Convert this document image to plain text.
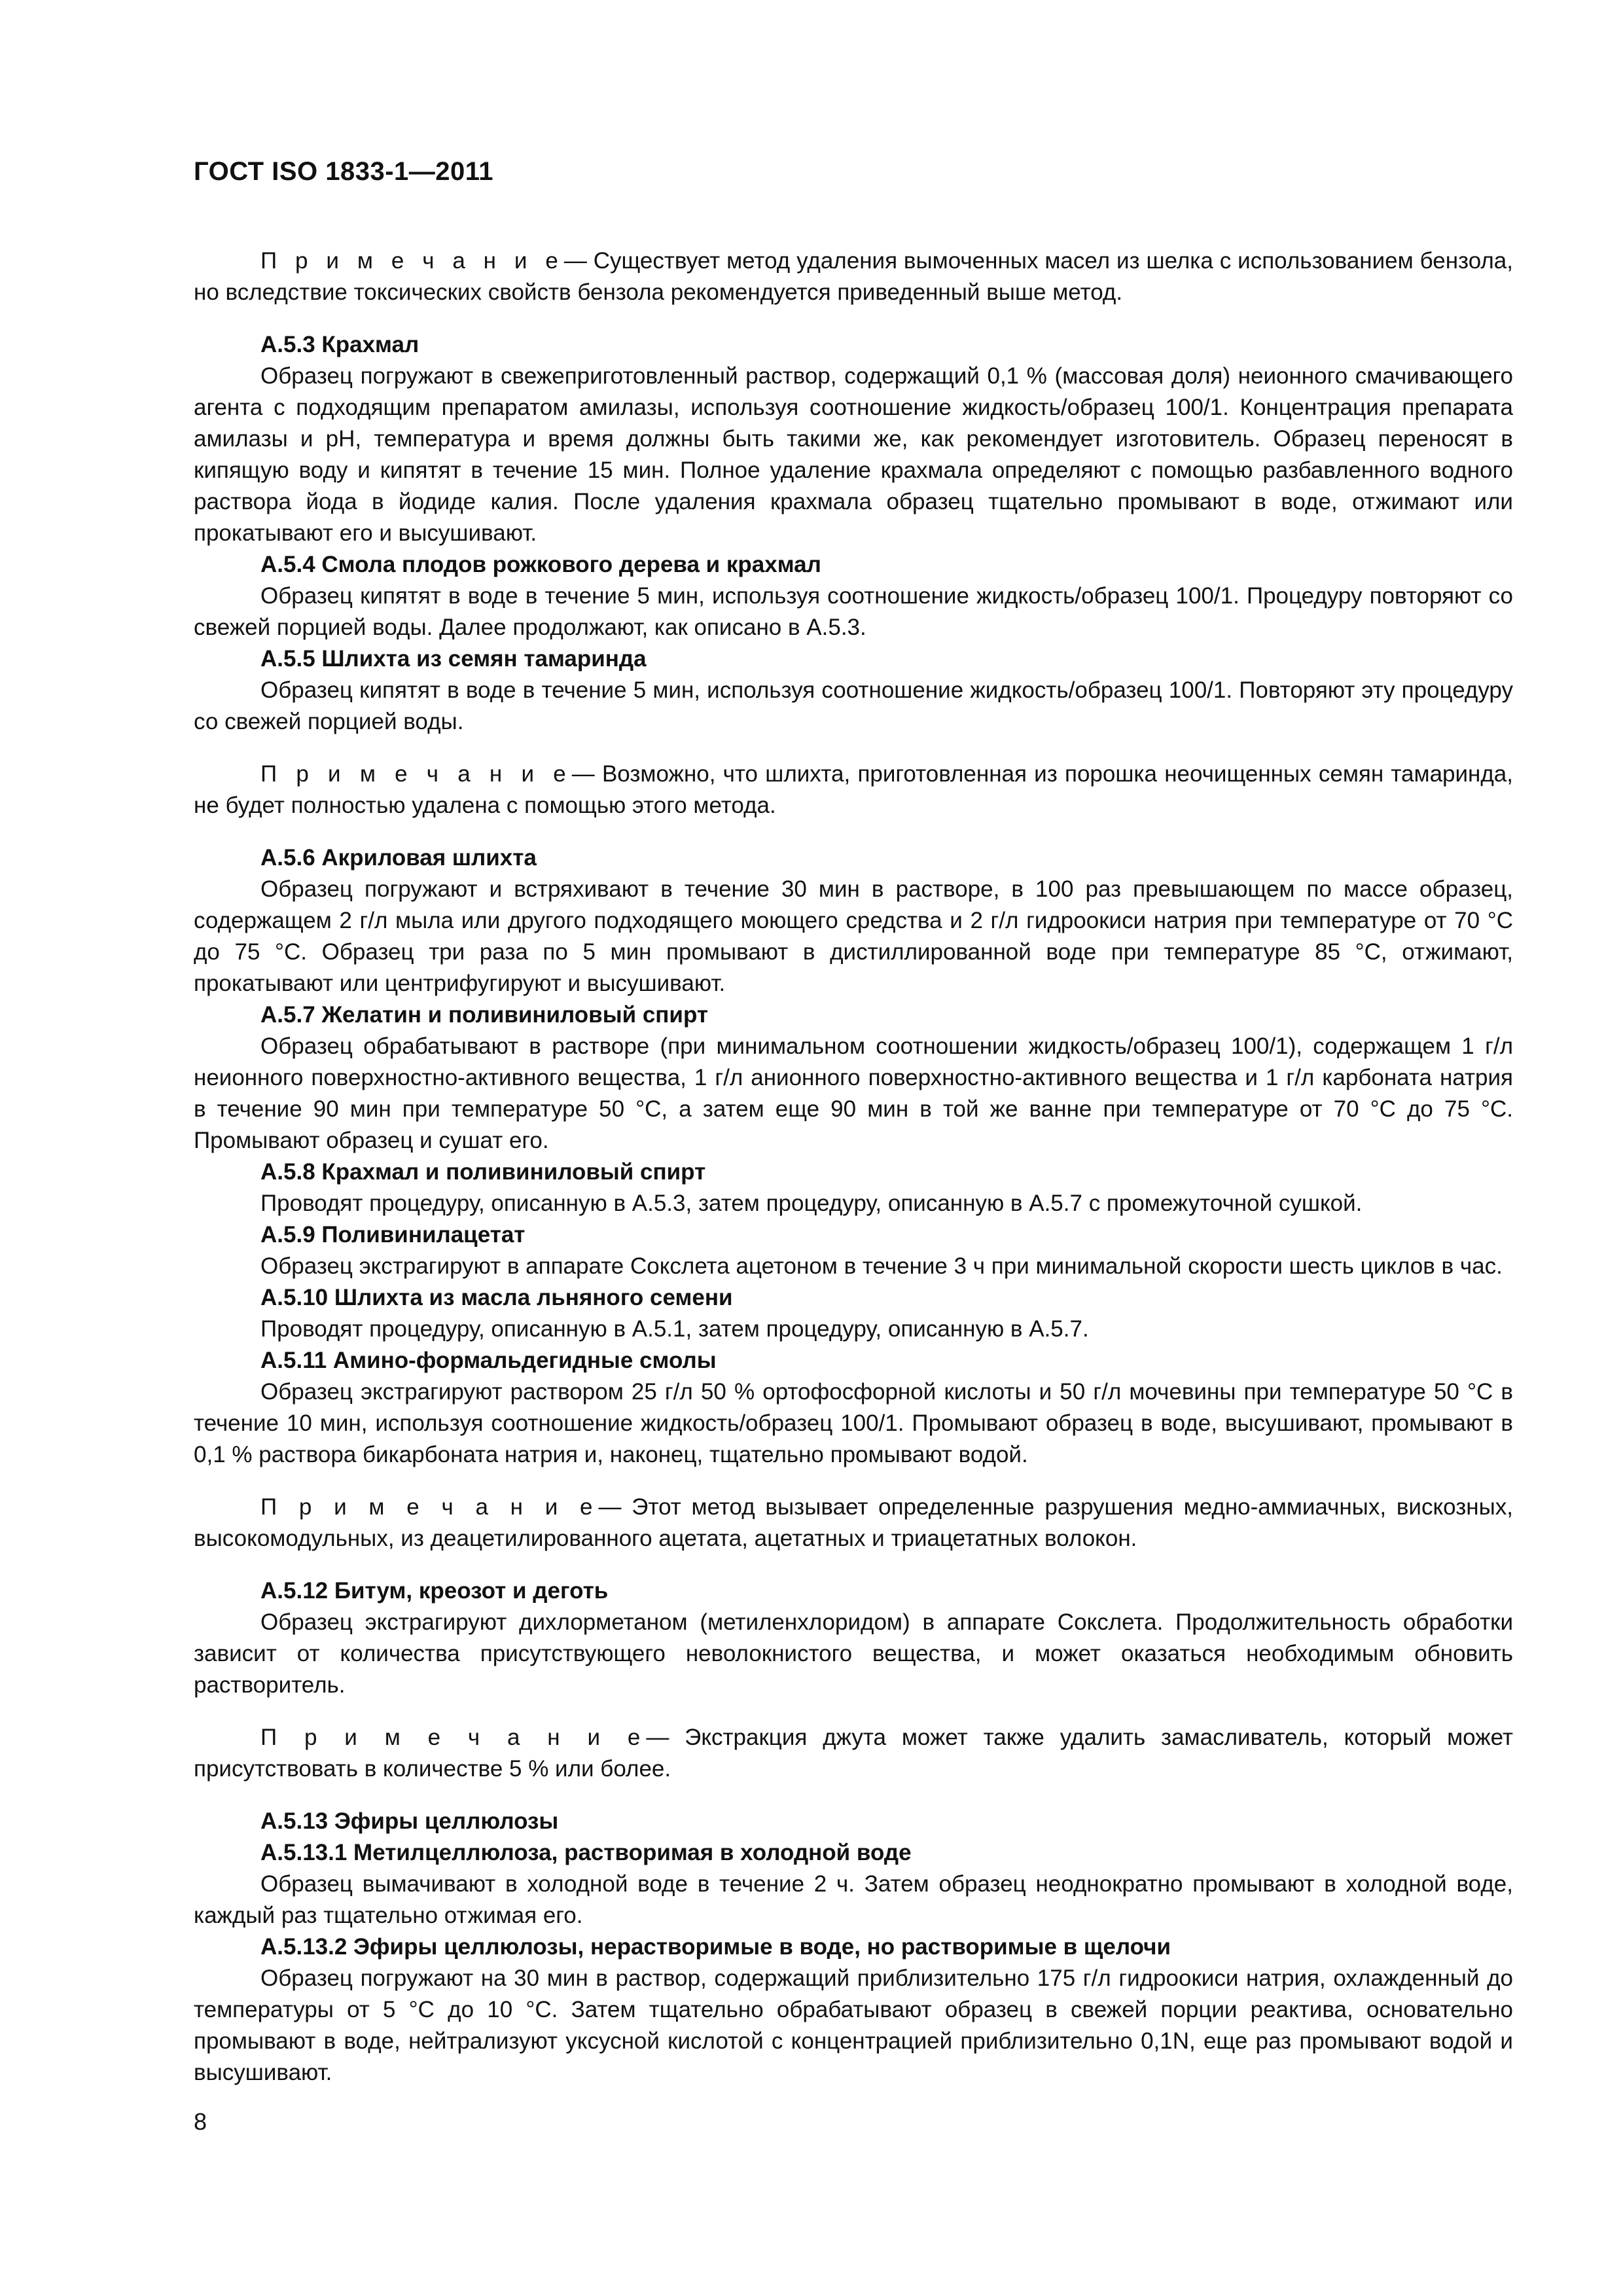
ГОСТ ISO 1833-1—2011

П р и м е ч а н и е— Существует метод удаления вымоченных масел из шелка с использованием бензола, но вследствие токсических свойств бензола рекомендуется приведенный выше метод.

А.5.3 Крахмал

Образец погружают в свежеприготовленный раствор, содержащий 0,1 % (массовая доля) неионного смачивающего агента с подходящим препаратом амилазы, используя соотношение жидкость/образец 100/1. Концентрация препарата амилазы и pH, температура и время должны быть такими же, как рекомендует изготовитель. Образец переносят в кипящую воду и кипятят в течение 15 мин. Полное удаление крахмала определяют с помощью разбавленного водного раствора йода в йодиде калия. После удаления крахмала образец тщательно промывают в воде, отжимают или прокатывают его и высушивают.

А.5.4 Смола плодов рожкового дерева и крахмал

Образец кипятят в воде в течение 5 мин, используя соотношение жидкость/образец 100/1. Процедуру повторяют со свежей порцией воды. Далее продолжают, как описано в А.5.3.

А.5.5 Шлихта из семян тамаринда

Образец кипятят в воде в течение 5 мин, используя соотношение жидкость/образец 100/1. Повторяют эту процедуру со свежей порцией воды.

П р и м е ч а н и е— Возможно, что шлихта, приготовленная из порошка неочищенных семян тамаринда, не будет полностью удалена с помощью этого метода.

А.5.6 Акриловая шлихта

Образец погружают и встряхивают в течение 30 мин в растворе, в 100 раз превышающем по массе образец, содержащем 2 г/л мыла или другого подходящего моющего средства и 2 г/л гидроокиси натрия при температуре от 70 °С до 75 °С. Образец три раза по 5 мин промывают в дистиллированной воде при температуре 85 °С, отжимают, прокатывают или центрифугируют и высушивают.

А.5.7 Желатин и поливиниловый спирт

Образец обрабатывают в растворе (при минимальном соотношении жидкость/образец 100/1), содержащем 1 г/л неионного поверхностно-активного вещества, 1 г/л анионного поверхностно-активного вещества и 1 г/л карбоната натрия в течение 90 мин при температуре 50 °С, а затем еще 90 мин в той же ванне при температуре от 70 °С до 75 °С. Промывают образец и сушат его.

А.5.8 Крахмал и поливиниловый спирт

Проводят процедуру, описанную в А.5.3, затем процедуру, описанную в А.5.7 с промежуточной сушкой.

А.5.9 Поливинилацетат

Образец экстрагируют в аппарате Сокслета ацетоном в течение 3 ч при минимальной скорости шесть циклов в час.

А.5.10 Шлихта из масла льняного семени

Проводят процедуру, описанную в А.5.1, затем процедуру, описанную в А.5.7.

А.5.11 Амино-формальдегидные смолы

Образец экстрагируют раствором 25 г/л 50 % ортофосфорной кислоты и 50 г/л мочевины при температуре 50 °С в течение 10 мин, используя соотношение жидкость/образец 100/1. Промывают образец в воде, высушивают, промывают в 0,1 % раствора бикарбоната натрия и, наконец, тщательно промывают водой.

П р и м е ч а н и е— Этот метод вызывает определенные разрушения медно-аммиачных, вискозных, высокомодульных, из деацетилированного ацетата, ацетатных и триацетатных волокон.

А.5.12 Битум, креозот и деготь

Образец экстрагируют дихлорметаном (метиленхлоридом) в аппарате Сокслета. Продолжительность обработки зависит от количества присутствующего неволокнистого вещества, и может оказаться необходимым обновить растворитель.

П р и м е ч а н и е— Экстракция джута может также удалить замасливатель, который может присутствовать в количестве 5 % или более.

А.5.13 Эфиры целлюлозы

А.5.13.1 Метилцеллюлоза, растворимая в холодной воде

Образец вымачивают в холодной воде в течение 2 ч. Затем образец неоднократно промывают в холодной воде, каждый раз тщательно отжимая его.

А.5.13.2 Эфиры целлюлозы, нерастворимые в воде, но растворимые в щелочи

Образец погружают на 30 мин в раствор, содержащий приблизительно 175 г/л гидроокиси натрия, охлажденный до температуры от 5 °С до 10 °С. Затем тщательно обрабатывают образец в свежей порции реактива, основательно промывают в воде, нейтрализуют уксусной кислотой с концентрацией приблизительно 0,1N, еще раз промывают водой и высушивают.

8
